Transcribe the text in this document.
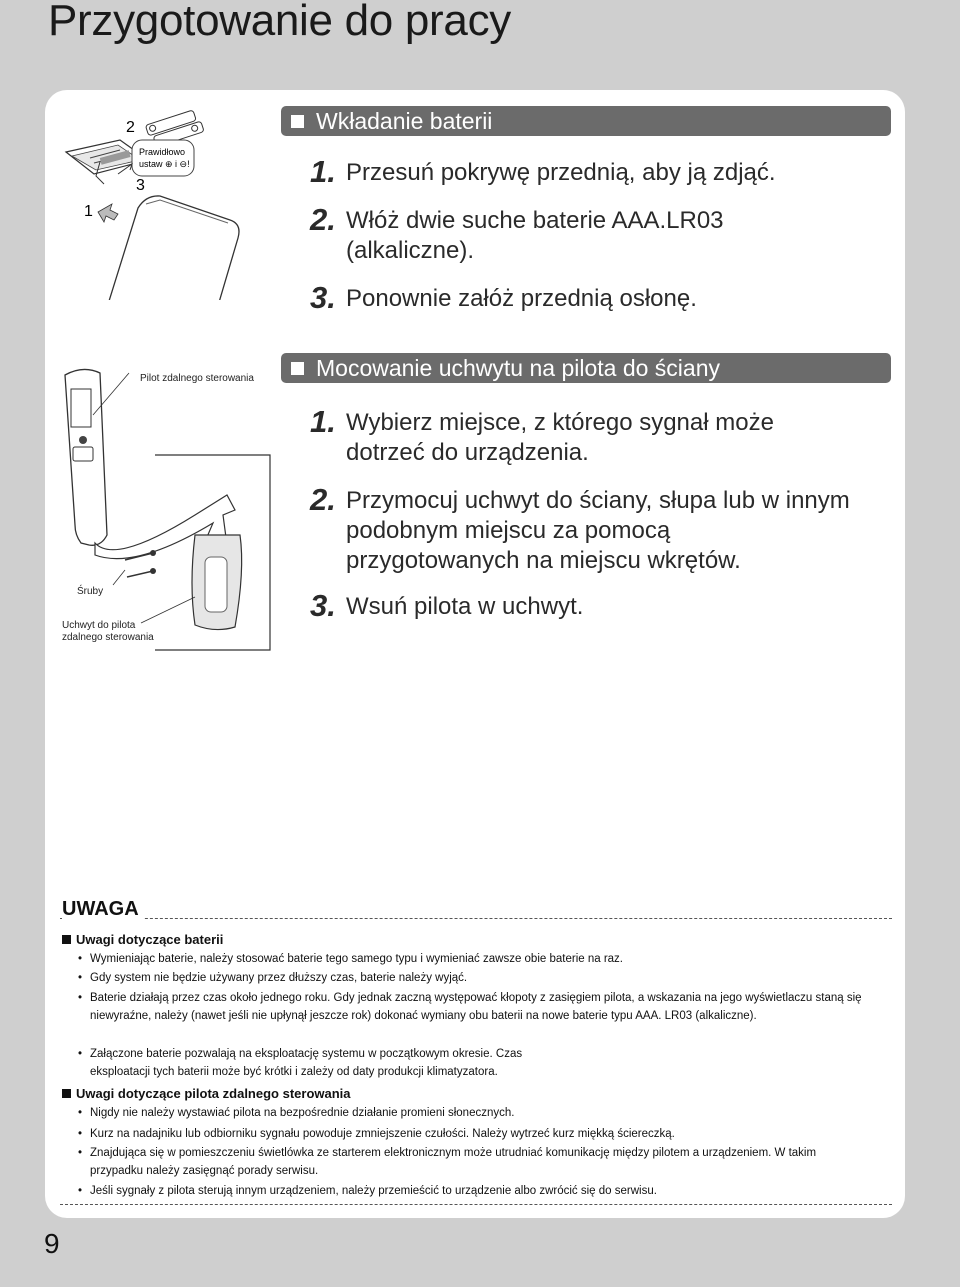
Przygotowanie do pracy
Prawidłowo
ustaw ⊕ i ⊖!
1
2
3
Wkładanie baterii
1. Przesuń pokrywę przednią, aby ją zdjąć.
2. Włóż dwie suche baterie AAA.LR03 (alkaliczne).
3. Ponownie załóż przednią osłonę.
Pilot zdalnego sterowania
Śruby
Uchwyt do pilota
zdalnego sterowania
Mocowanie uchwytu na pilota do ściany
1. Wybierz miejsce, z którego sygnał może dotrzeć do urządzenia.
2. Przymocuj uchwyt do ściany, słupa lub w innym podobnym miejscu za pomocą przygotowanych na miejscu wkrętów.
3. Wsuń pilota w uchwyt.
UWAGA
Uwagi dotyczące baterii
• Wymieniając baterie, należy stosować baterie tego samego typu i wymieniać zawsze obie baterie na raz.
• Gdy system nie będzie używany przez dłuższy czas, baterie należy wyjąć.
• Baterie działają przez czas około jednego roku. Gdy jednak zaczną występować kłopoty z zasięgiem pilota, a wskazania na jego wyświetlaczu staną się niewyraźne, należy (nawet jeśli nie upłynął jeszcze rok) dokonać wymiany obu baterii na nowe baterie typu AAA. LR03 (alkaliczne).
• Załączone baterie pozwalają na eksploatację systemu w początkowym okresie. Czas eksploatacji tych baterii może być krótki i zależy od daty produkcji klimatyzatora.
Uwagi dotyczące pilota zdalnego sterowania
• Nigdy nie należy wystawiać pilota na bezpośrednie działanie promieni słonecznych.
• Kurz na nadajniku lub odbiorniku sygnału powoduje zmniejszenie czułości. Należy wytrzeć kurz miękką ściereczką.
• Znajdująca się w pomieszczeniu świetlówka ze starterem elektronicznym może utrudniać komunikację między pilotem a urządzeniem. W takim przypadku należy zasięgnąć porady serwisu.
• Jeśli sygnały z pilota sterują innym urządzeniem, należy przemieścić to urządzenie albo zwrócić się do serwisu.
9
